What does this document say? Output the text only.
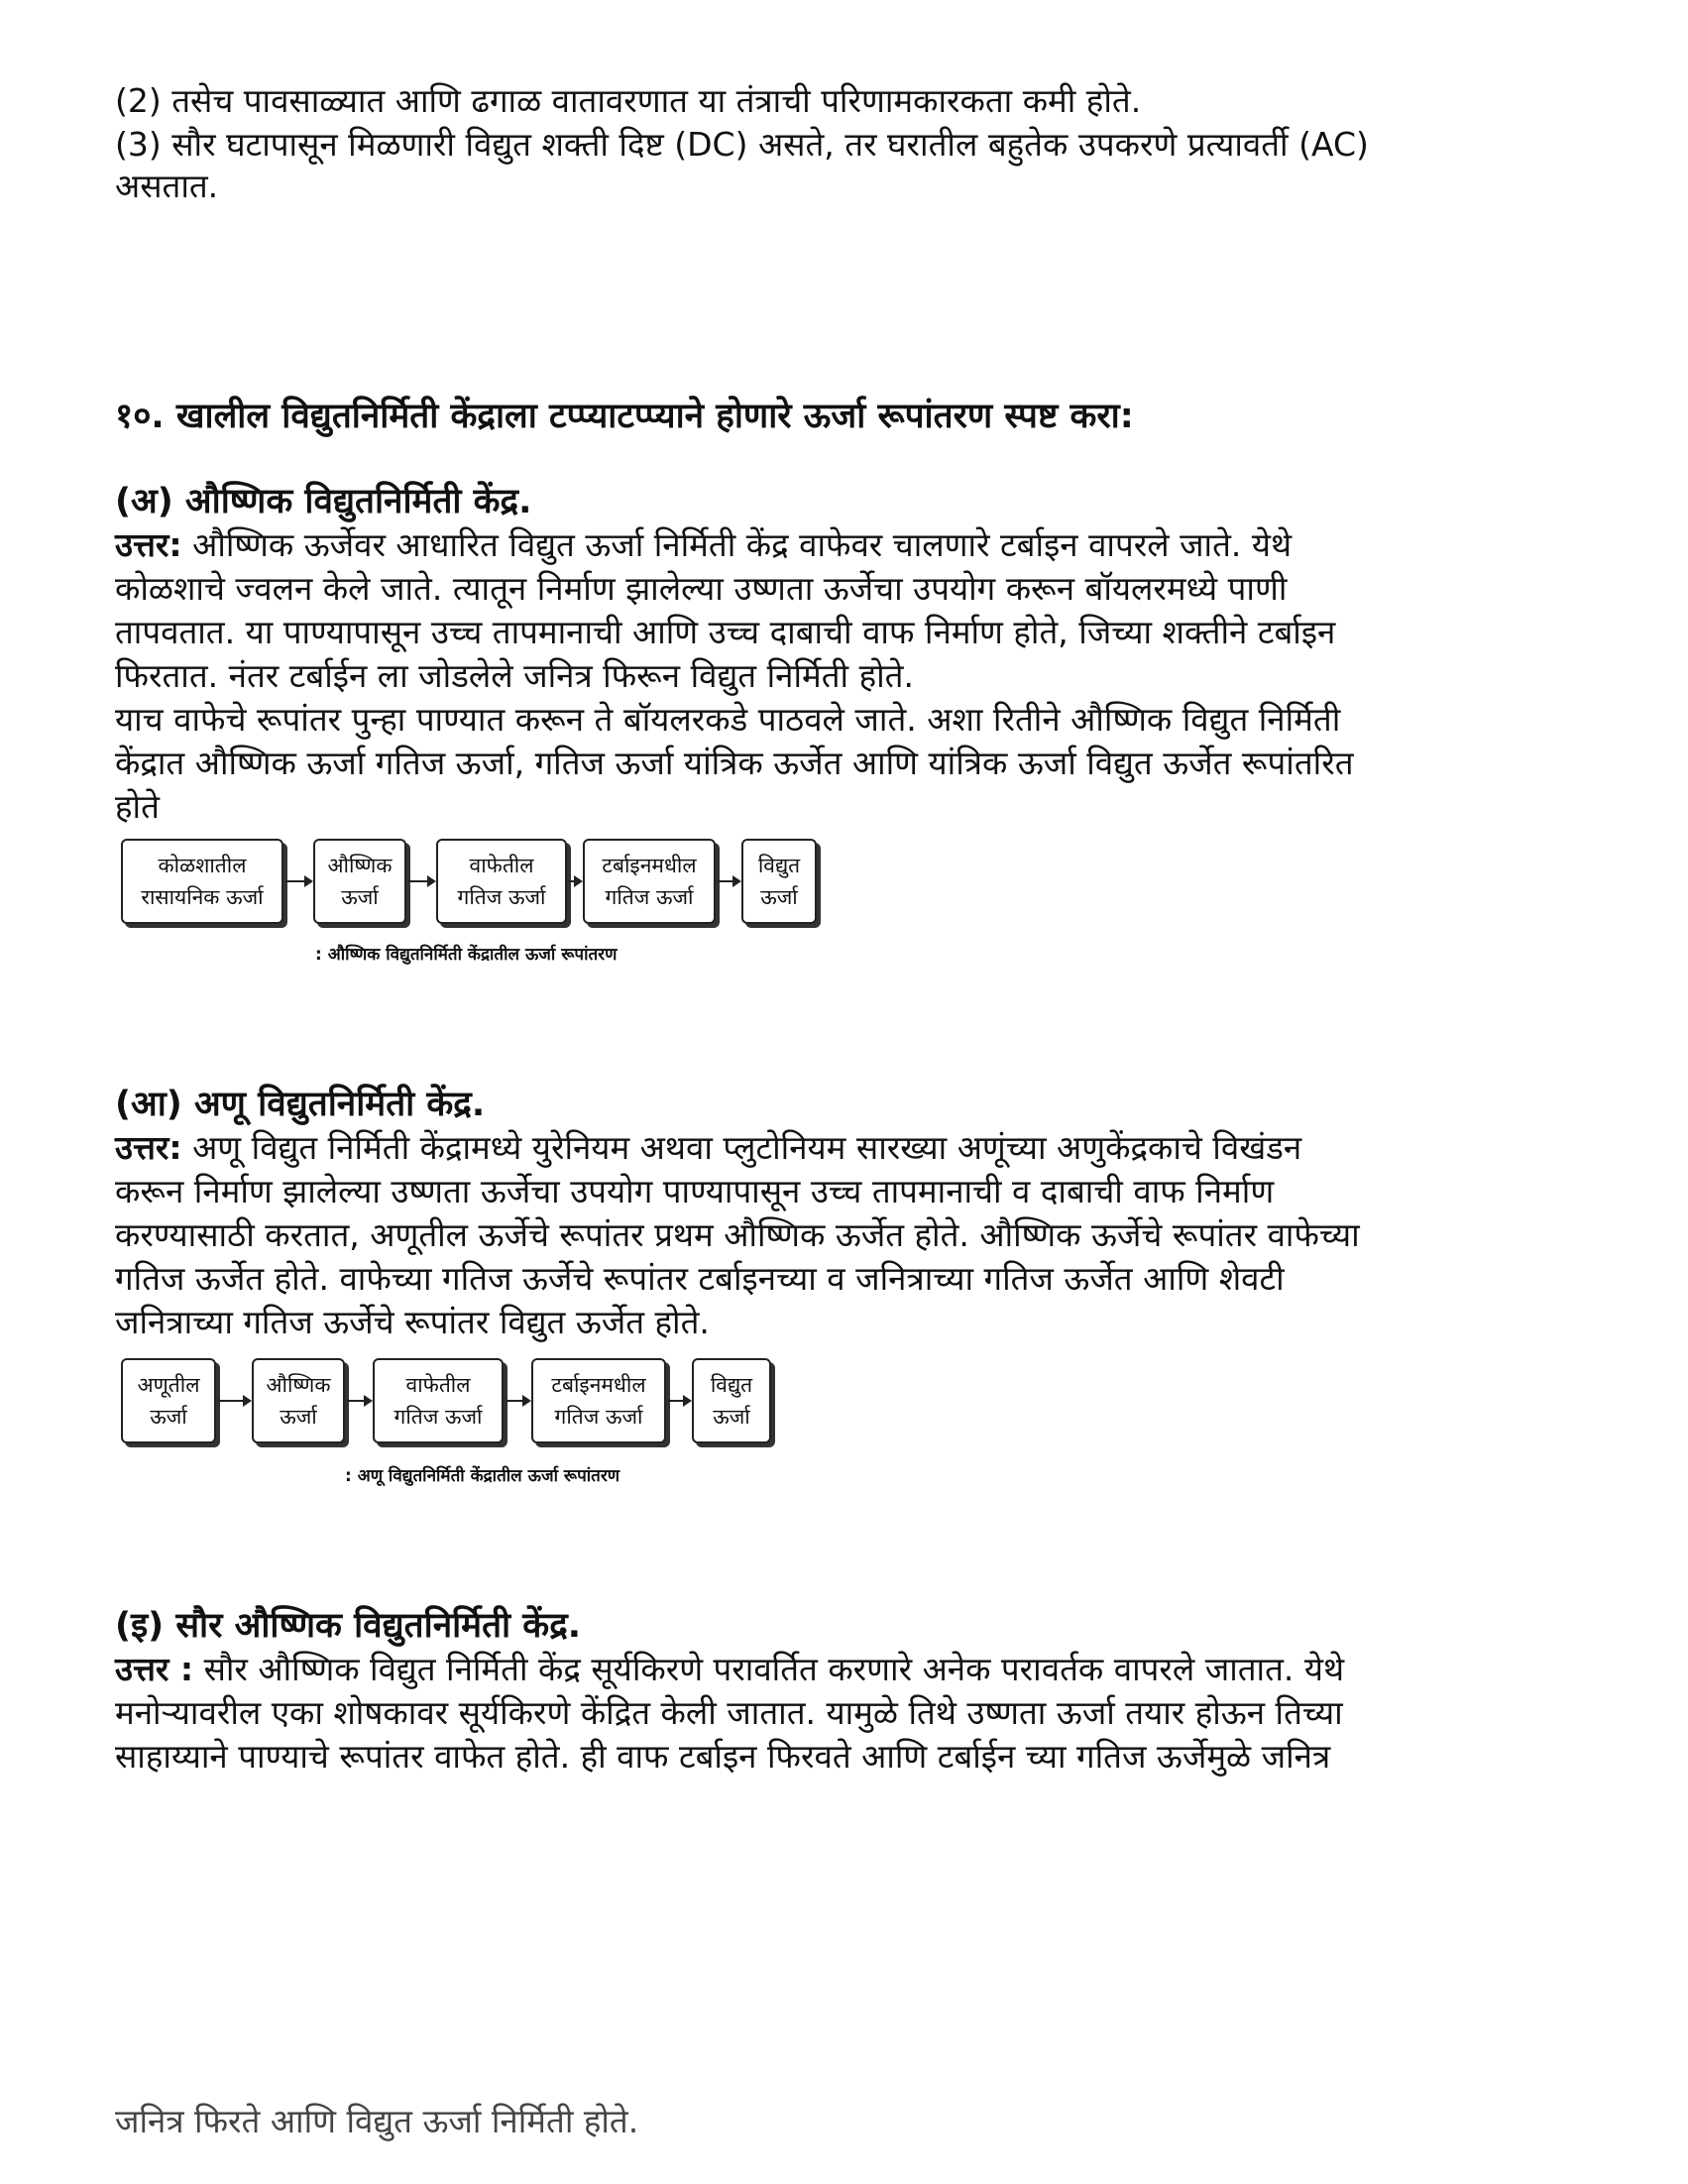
(2) तसेच पावसाळ्यात आणि ढगाळ वातावरणात या तंत्राची परिणामकारकता कमी होते.
(3) सौर घटापासून मिळणारी विद्युत शक्ती दिष्ट (DC) असते, तर घरातील बहुतेक उपकरणे प्रत्यावर्ती (AC)
असतात.
१०. खालील विद्युतनिर्मिती केंद्राला टप्प्याटप्प्याने होणारे ऊर्जा रूपांतरण स्पष्ट करा:
(अ) औष्णिक विद्युतनिर्मिती केंद्र.
उत्तर: औष्णिक ऊर्जेवर आधारित विद्युत ऊर्जा निर्मिती केंद्र वाफेवर चालणारे टर्बाइन वापरले जाते. येथे
कोळशाचे ज्वलन केले जाते. त्यातून निर्माण झालेल्या उष्णता ऊर्जेचा उपयोग करून बॉयलरमध्ये पाणी
तापवतात. या पाण्यापासून उच्च तापमानाची आणि उच्च दाबाची वाफ निर्माण होते, जिच्या शक्तीने टर्बाइन
फिरतात. नंतर टर्बाईन ला जोडलेले जनित्र फिरून विद्युत निर्मिती होते.
याच वाफेचे रूपांतर पुन्हा पाण्यात करून ते बॉयलरकडे पाठवले जाते. अशा रितीने औष्णिक विद्युत निर्मिती
केंद्रात औष्णिक ऊर्जा गतिज ऊर्जा, गतिज ऊर्जा यांत्रिक ऊर्जेत आणि यांत्रिक ऊर्जा विद्युत ऊर्जेत रूपांतरित
होते
कोळशातील
रासायनिक ऊर्जा
औष्णिक
ऊर्जा
वाफेतील
गतिज ऊर्जा
टर्बाइनमधील
गतिज ऊर्जा
विद्युत
ऊर्जा
: औष्णिक विद्युतनिर्मिती केंद्रातील ऊर्जा रूपांतरण
(आ) अणू विद्युतनिर्मिती केंद्र.
उत्तर: अणू विद्युत निर्मिती केंद्रामध्ये युरेनियम अथवा प्लुटोनियम सारख्या अणूंच्या अणुकेंद्रकाचे विखंडन
करून निर्माण झालेल्या उष्णता ऊर्जेचा उपयोग पाण्यापासून उच्च तापमानाची व दाबाची वाफ निर्माण
करण्यासाठी करतात, अणूतील ऊर्जेचे रूपांतर प्रथम औष्णिक ऊर्जेत होते. औष्णिक ऊर्जेचे रूपांतर वाफेच्या
गतिज ऊर्जेत होते. वाफेच्या गतिज ऊर्जेचे रूपांतर टर्बाइनच्या व जनित्राच्या गतिज ऊर्जेत आणि शेवटी
जनित्राच्या गतिज ऊर्जेचे रूपांतर विद्युत ऊर्जेत होते.
अणूतील
ऊर्जा
औष्णिक
ऊर्जा
वाफेतील
गतिज ऊर्जा
टर्बाइनमधील
गतिज ऊर्जा
विद्युत
ऊर्जा
: अणू विद्युतनिर्मिती केंद्रातील ऊर्जा रूपांतरण
(इ) सौर औष्णिक विद्युतनिर्मिती केंद्र.
उत्तर : सौर औष्णिक विद्युत निर्मिती केंद्र सूर्यकिरणे परावर्तित करणारे अनेक परावर्तक वापरले जातात. येथे
मनोऱ्यावरील एका शोषकावर सूर्यकिरणे केंद्रित केली जातात. यामुळे तिथे उष्णता ऊर्जा तयार होऊन तिच्या
साहाय्याने पाण्याचे रूपांतर वाफेत होते. ही वाफ टर्बाइन फिरवते आणि टर्बाईन च्या गतिज ऊर्जेमुळे जनित्र
जनित्र फिरते आणि विद्युत ऊर्जा निर्मिती होते.
